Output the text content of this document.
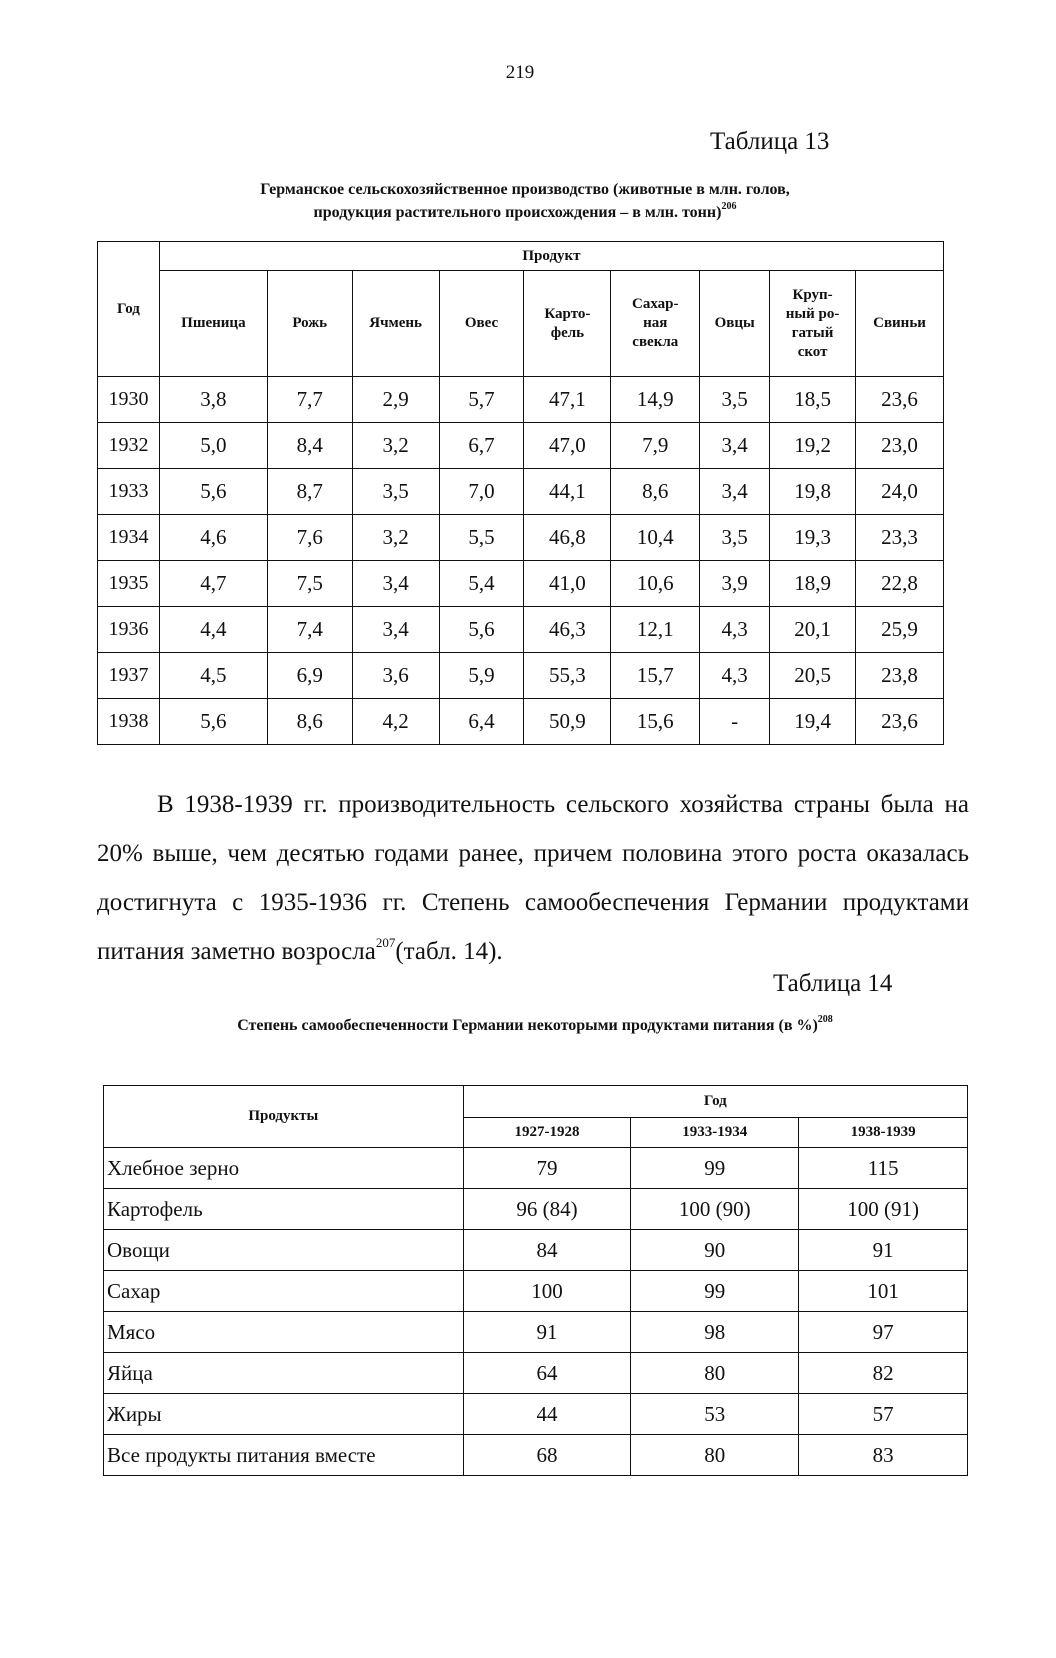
219
Таблица 13
Германское сельскохозяйственное производство (животные в млн. голов,
продукция растительного происхождения – в млн. тонн)$^{206}$
Год	Продукт								
	Пшеница	Рожь	Ячмень	Овес	Карто-
фель	Сахар-
ная
свекла	Овцы	Круп-
ный ро-
гатый
скот	Свиньи
1930	3,8	7,7	2,9	5,7	47,1	14,9	3,5	18,5	23,6
1932	5,0	8,4	3,2	6,7	47,0	7,9	3,4	19,2	23,0
1933	5,6	8,7	3,5	7,0	44,1	8,6	3,4	19,8	24,0
1934	4,6	7,6	3,2	5,5	46,8	10,4	3,5	19,3	23,3
1935	4,7	7,5	3,4	5,4	41,0	10,6	3,9	18,9	22,8
1936	4,4	7,4	3,4	5,6	46,3	12,1	4,3	20,1	25,9
1937	4,5	6,9	3,6	5,9	55,3	15,7	4,3	20,5	23,8
1938	5,6	8,6	4,2	6,4	50,9	15,6	-	19,4	23,6

В 1938-1939 гг. производительность сельского хозяйства страны была на 20% выше, чем десятью годами ранее, причем половина этого роста оказалась достигнута с 1935-1936 гг. Степень самообеспечения Германии продуктами питания заметно возросла$^{207}$(табл. 14).

Таблица 14
Степень самообеспеченности Германии некоторыми продуктами питания (в %)$^{208}$
Продукты	Год		
	1927-1928	1933-1934	1938-1939
Хлебное зерно	79	99	115
Картофель	96 (84)	100 (90)	100 (91)
Овощи	84	90	91
Сахар	100	99	101
Мясо	91	98	97
Яйца	64	80	82
Жиры	44	53	57
Все продукты питания вместе	68	80	83
